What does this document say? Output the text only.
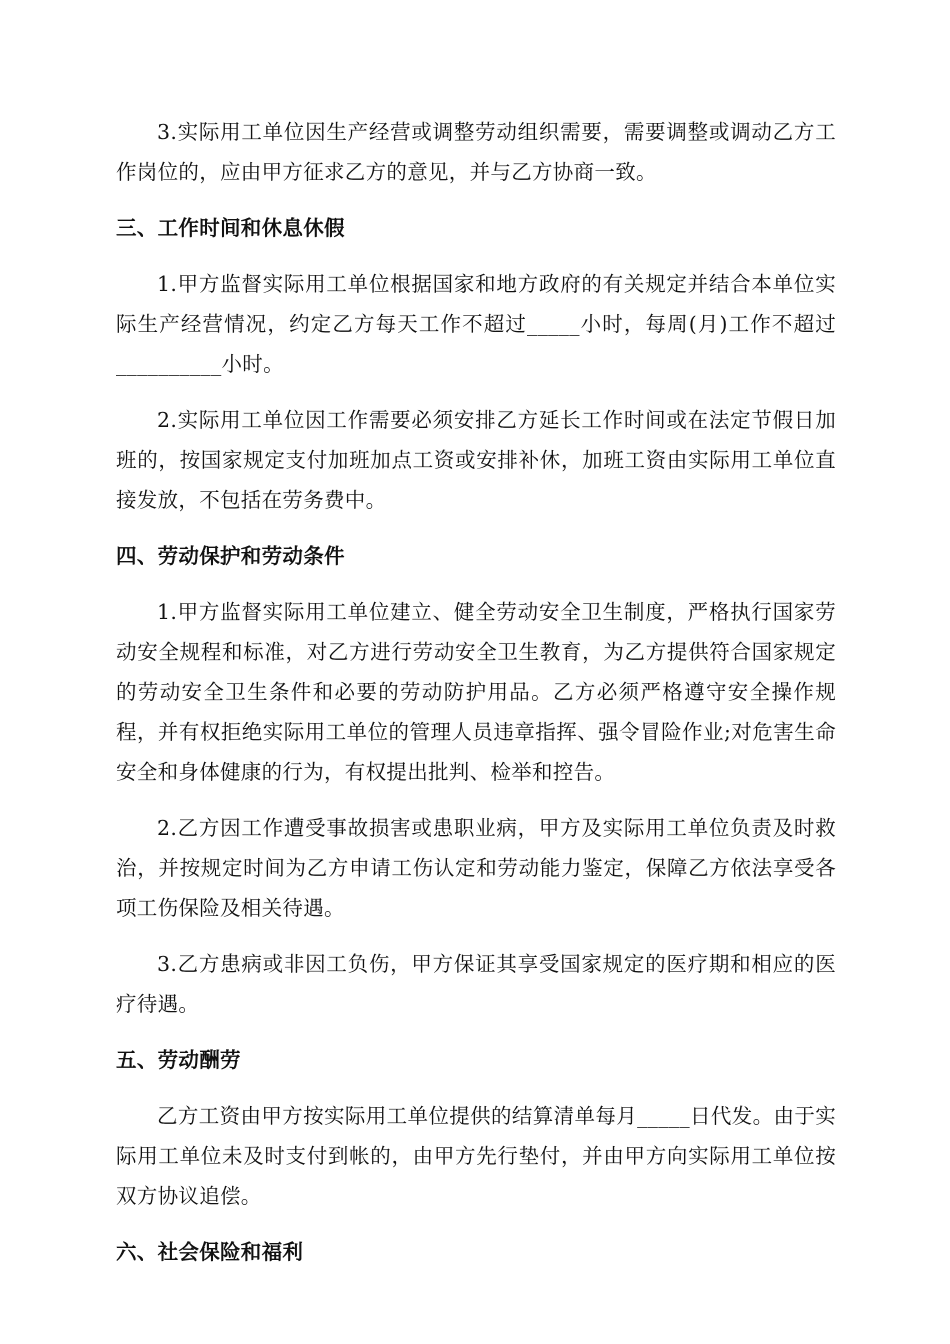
3.实际用工单位因生产经营或调整劳动组织需要，需要调整或调动乙方工作岗位的，应由甲方征求乙方的意见，并与乙方协商一致。

三、工作时间和休息休假

1.甲方监督实际用工单位根据国家和地方政府的有关规定并结合本单位实际生产经营情况，约定乙方每天工作不超过_____小时，每周(月)工作不超过__________小时。

2.实际用工单位因工作需要必须安排乙方延长工作时间或在法定节假日加班的，按国家规定支付加班加点工资或安排补休，加班工资由实际用工单位直接发放，不包括在劳务费中。

四、劳动保护和劳动条件

1.甲方监督实际用工单位建立、健全劳动安全卫生制度，严格执行国家劳动安全规程和标准，对乙方进行劳动安全卫生教育，为乙方提供符合国家规定的劳动安全卫生条件和必要的劳动防护用品。乙方必须严格遵守安全操作规程，并有权拒绝实际用工单位的管理人员违章指挥、强令冒险作业;对危害生命安全和身体健康的行为，有权提出批判、检举和控告。

2.乙方因工作遭受事故损害或患职业病，甲方及实际用工单位负责及时救治，并按规定时间为乙方申请工伤认定和劳动能力鉴定，保障乙方依法享受各项工伤保险及相关待遇。

3.乙方患病或非因工负伤，甲方保证其享受国家规定的医疗期和相应的医疗待遇。

五、劳动酬劳

乙方工资由甲方按实际用工单位提供的结算清单每月_____日代发。由于实际用工单位未及时支付到帐的，由甲方先行垫付，并由甲方向实际用工单位按双方协议追偿。

六、社会保险和福利
